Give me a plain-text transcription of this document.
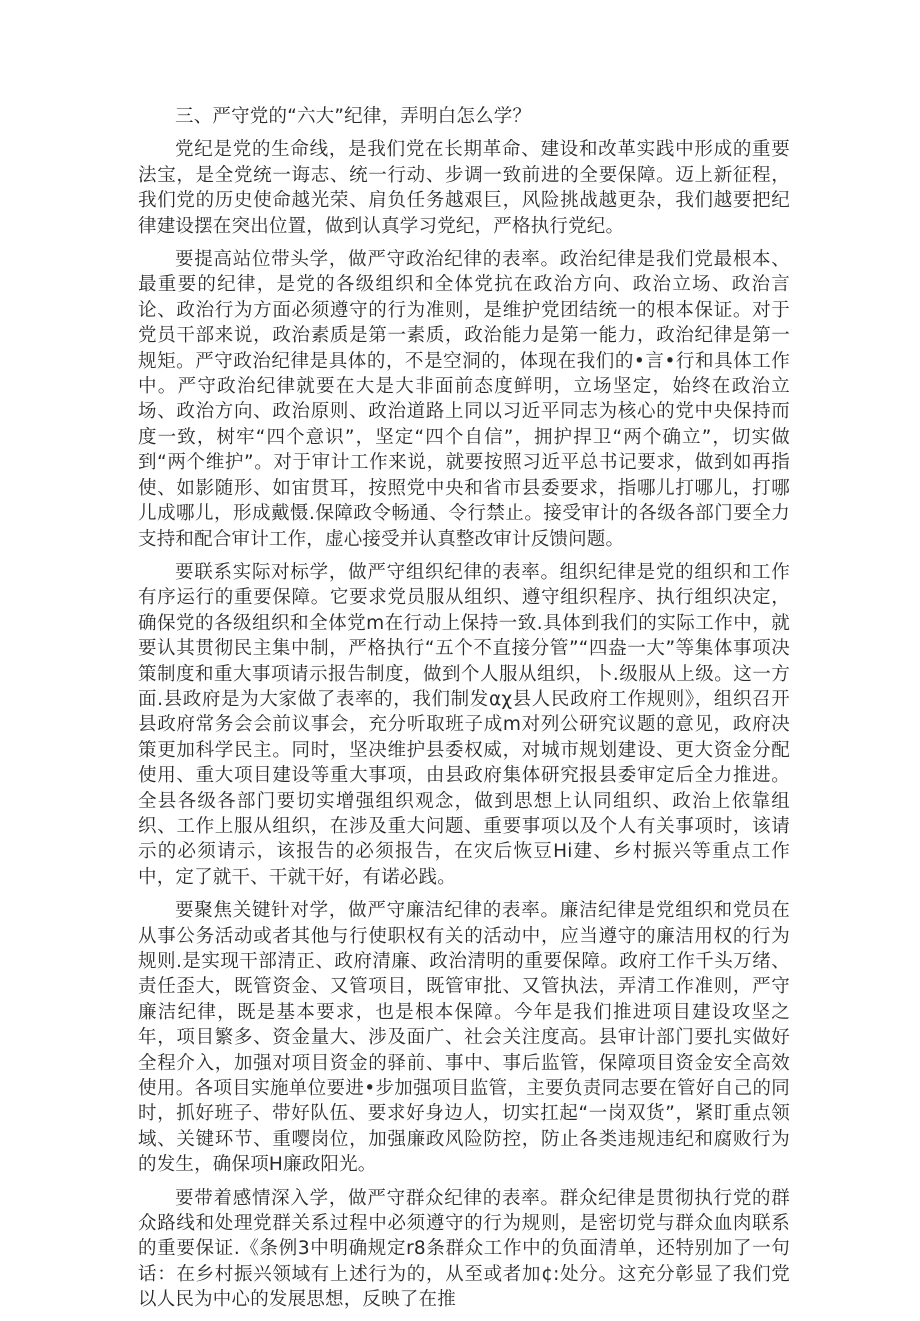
三、严守党的“六大”纪律，弄明白怎么学？

党纪是党的生命线，是我们党在长期革命、建设和改革实践中形成的重要法宝，是全党统一诲志、统一行动、步调一致前进的全要保障。迈上新征程，我们党的历史使命越光荣、肩负任务越艰巨，风险挑战越更杂，我们越要把纪律建设摆在突出位置，做到认真学习党纪，严格执行党纪。

要提高站位带头学，做严守政治纪律的表率。政治纪律是我们党最根本、最重要的纪律，是党的各级组织和全体党抗在政治方向、政治立场、政治言论、政治行为方面必须遵守的行为准则，是维护党团结统一的根本保证。对于党员干部来说，政治素质是第一素质，政治能力是第一能力，政治纪律是第一规矩。严守政治纪律是具体的，不是空洞的，体现在我们的•言•行和具体工作中。严守政治纪律就要在大是大非面前态度鲜明，立场坚定，始终在政治立场、政治方向、政治原则、政治道路上同以习近平同志为核心的党中央保持而度一致，树牢“四个意识”，坚定“四个自信”，拥护捍卫“两个确立”，切实做到“两个维护”。对于审计工作来说，就要按照习近平总书记要求，做到如再指使、如影随形、如宙贯耳，按照党中央和省市县委要求，指哪儿打哪儿，打哪儿成哪儿，形成戴慑.保障政令畅通、令行禁止。接受审计的各级各部门要全力支持和配合审计工作，虚心接受并认真整改审计反馈问题。

要联系实际对标学，做严守组织纪律的表率。组织纪律是党的组织和工作有序运行的重要保障。它要求党员服从组织、遵守组织程序、执行组织决定，确保党的各级组织和全体党m在行动上保持一致.具体到我们的实际工作中，就要认其贯彻民主集中制，严格执行“五个不直接分管”“四盎一大”等集体事项决策制度和重大事项请示报告制度，做到个人服从组织，卜.级服从上级。这一方面.县政府是为大家做了表率的，我们制发αχ县人民政府工作规则》，组织召开县政府常务会会前议事会，充分听取班子成m对列公研究议题的意见，政府决策更加科学民主。同时，坚决维护县委权威，对城市规划建设、更大资金分配使用、重大项目建设等重大事项，由县政府集体研究报县委审定后全力推进。全县各级各部门要切实增强组织观念，做到思想上认同组织、政治上依靠组织、工作上服从组织，在涉及重大问题、重要事项以及个人有关事项时，该请示的必须请示，该报告的必须报告，在灾后恢豆Hi建、乡村振兴等重点工作中，定了就干、干就干好，有诺必践。

要聚焦关键针对学，做严守廉洁纪律的表率。廉洁纪律是党组织和党员在从事公务活动或者其他与行使职权有关的活动中，应当遵守的廉洁用权的行为规则.是实现干部清正、政府清廉、政治清明的重要保障。政府工作千头万绪、责任歪大，既管资金、又管项目，既管审批、又管执法，弄清工作准则，严守廉洁纪律，既是基本要求，也是根本保障。今年是我们推进项目建设攻坚之年，项目繁多、资金量大、涉及面广、社会关注度高。县审计部门要扎实做好全程介入，加强对项目资金的驿前、事中、事后监管，保障项目资金安全高效使用。各项目实施单位要进•步加强项目监管，主要负责同志要在管好自己的同时，抓好班子、带好队伍、要求好身边人，切实扛起“一岗双货”，紧盯重点领域、关键环节、重嘤岗位，加强廉政风险防控，防止各类违规违纪和腐败行为的发生，确保项H廉政阳光。

要带着感情深入学，做严守群众纪律的表率。群众纪律是贯彻执行党的群众路线和处理党群关系过程中必须遵守的行为规则，是密切党与群众血肉联系的重要保证.《条例3中明确规定r8条群众工作中的负面清单，还特别加了一句话：在乡村振兴领域有上述行为的，从至或者加¢:处分。这充分彰显了我们党以人民为中心的发展思想，反映了在推
